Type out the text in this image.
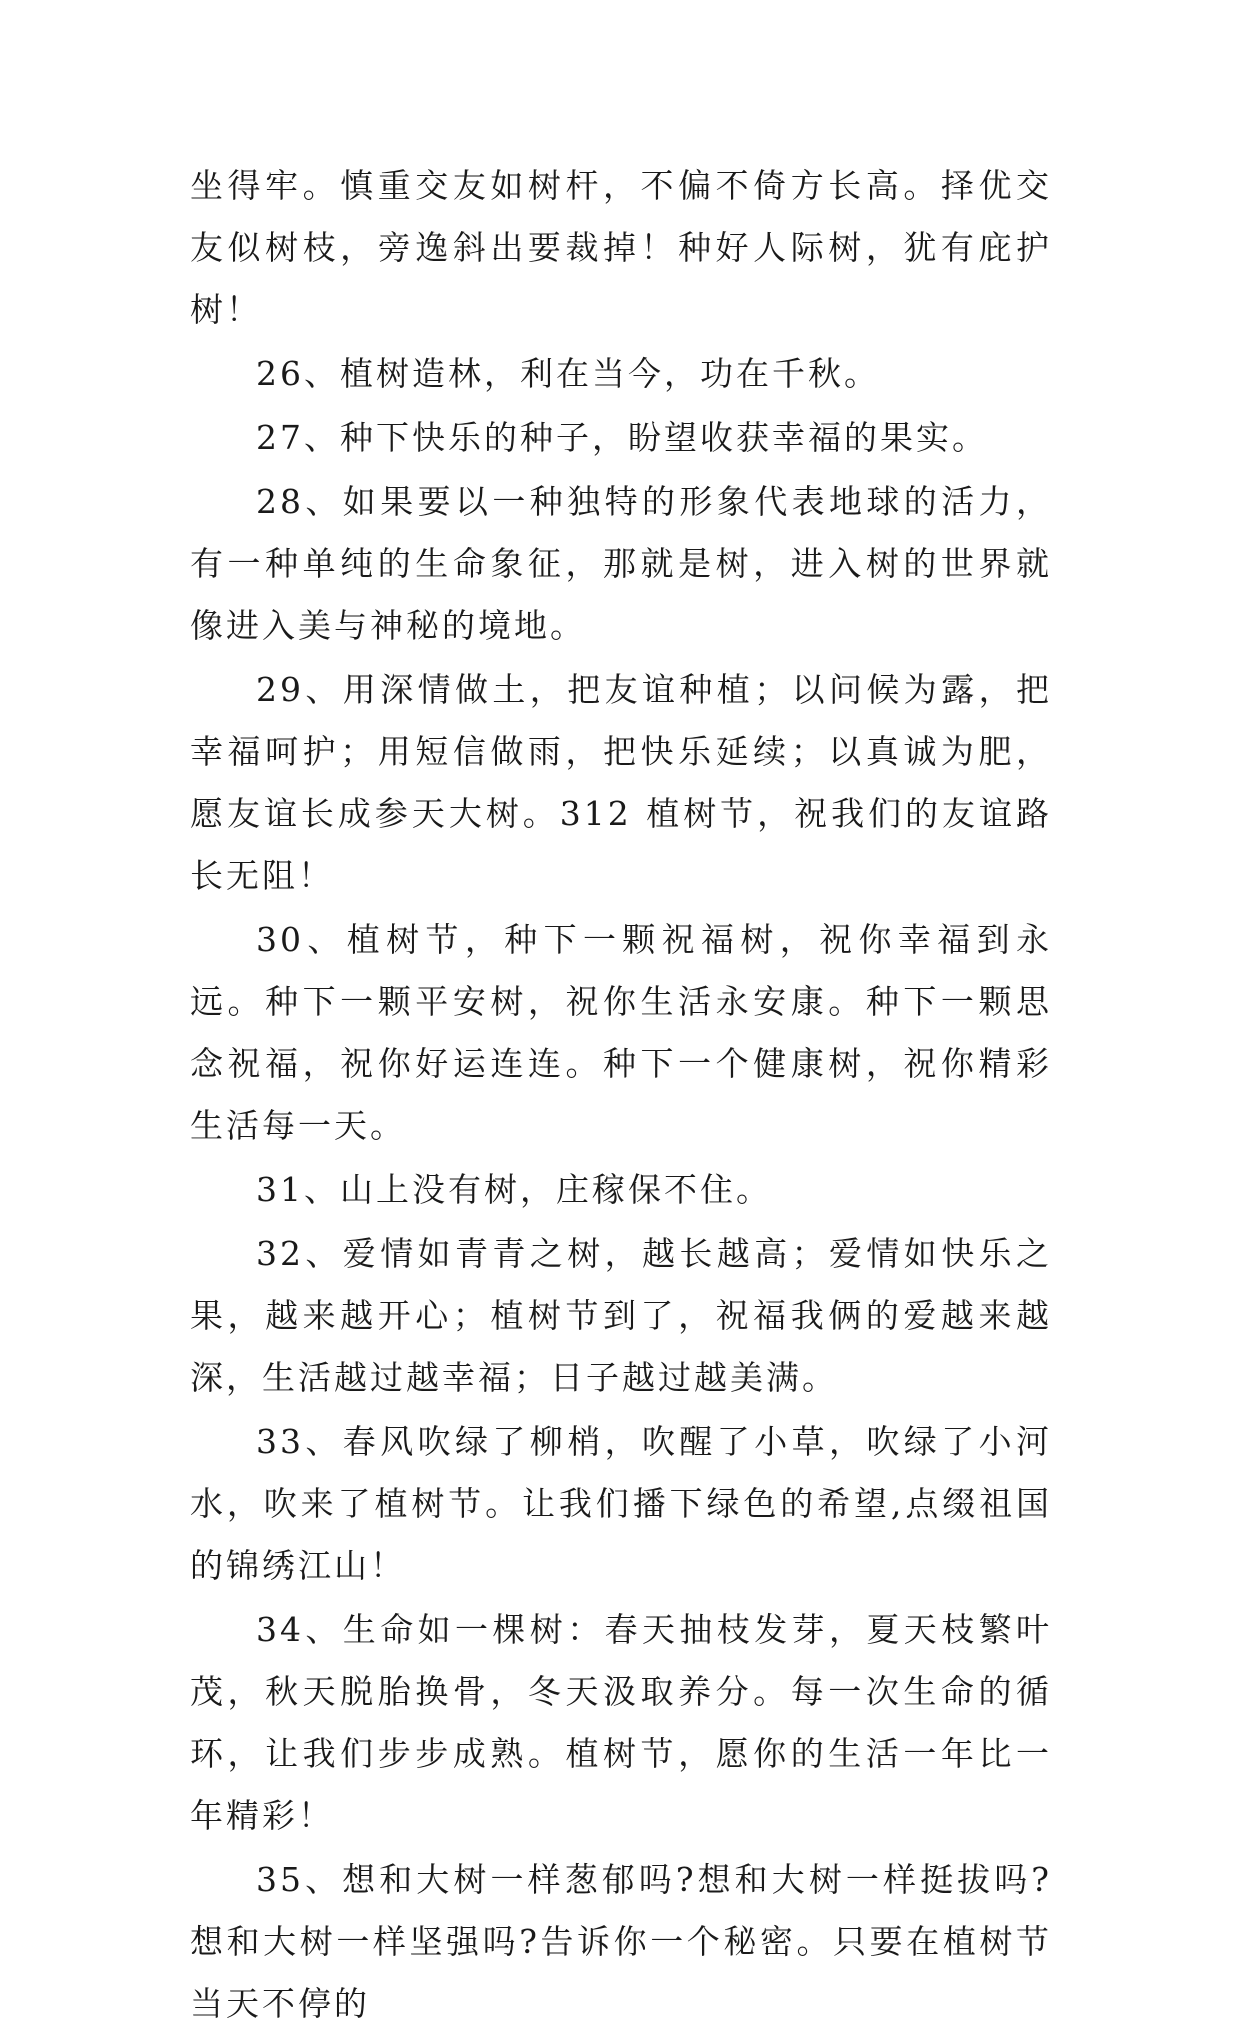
坐得牢。慎重交友如树杆，不偏不倚方长高。择优交友似树枝，旁逸斜出要裁掉！种好人际树，犹有庇护树！

26、植树造林，利在当今，功在千秋。

27、种下快乐的种子，盼望收获幸福的果实。

28、如果要以一种独特的形象代表地球的活力，有一种单纯的生命象征，那就是树，进入树的世界就像进入美与神秘的境地。

29、用深情做土，把友谊种植；以问候为露，把幸福呵护；用短信做雨，把快乐延续；以真诚为肥，愿友谊长成参天大树。312 植树节，祝我们的友谊路长无阻！

30、植树节，种下一颗祝福树，祝你幸福到永远。种下一颗平安树，祝你生活永安康。种下一颗思念祝福，祝你好运连连。种下一个健康树，祝你精彩生活每一天。

31、山上没有树，庄稼保不住。

32、爱情如青青之树，越长越高；爱情如快乐之果，越来越开心；植树节到了，祝福我俩的爱越来越深，生活越过越幸福；日子越过越美满。

33、春风吹绿了柳梢，吹醒了小草，吹绿了小河水，吹来了植树节。让我们播下绿色的希望,点缀祖国的锦绣江山！

34、生命如一棵树：春天抽枝发芽，夏天枝繁叶茂，秋天脱胎换骨，冬天汲取养分。每一次生命的循环，让我们步步成熟。植树节，愿你的生活一年比一年精彩！

35、想和大树一样葱郁吗?想和大树一样挺拔吗?想和大树一样坚强吗?告诉你一个秘密。只要在植树节当天不停的
